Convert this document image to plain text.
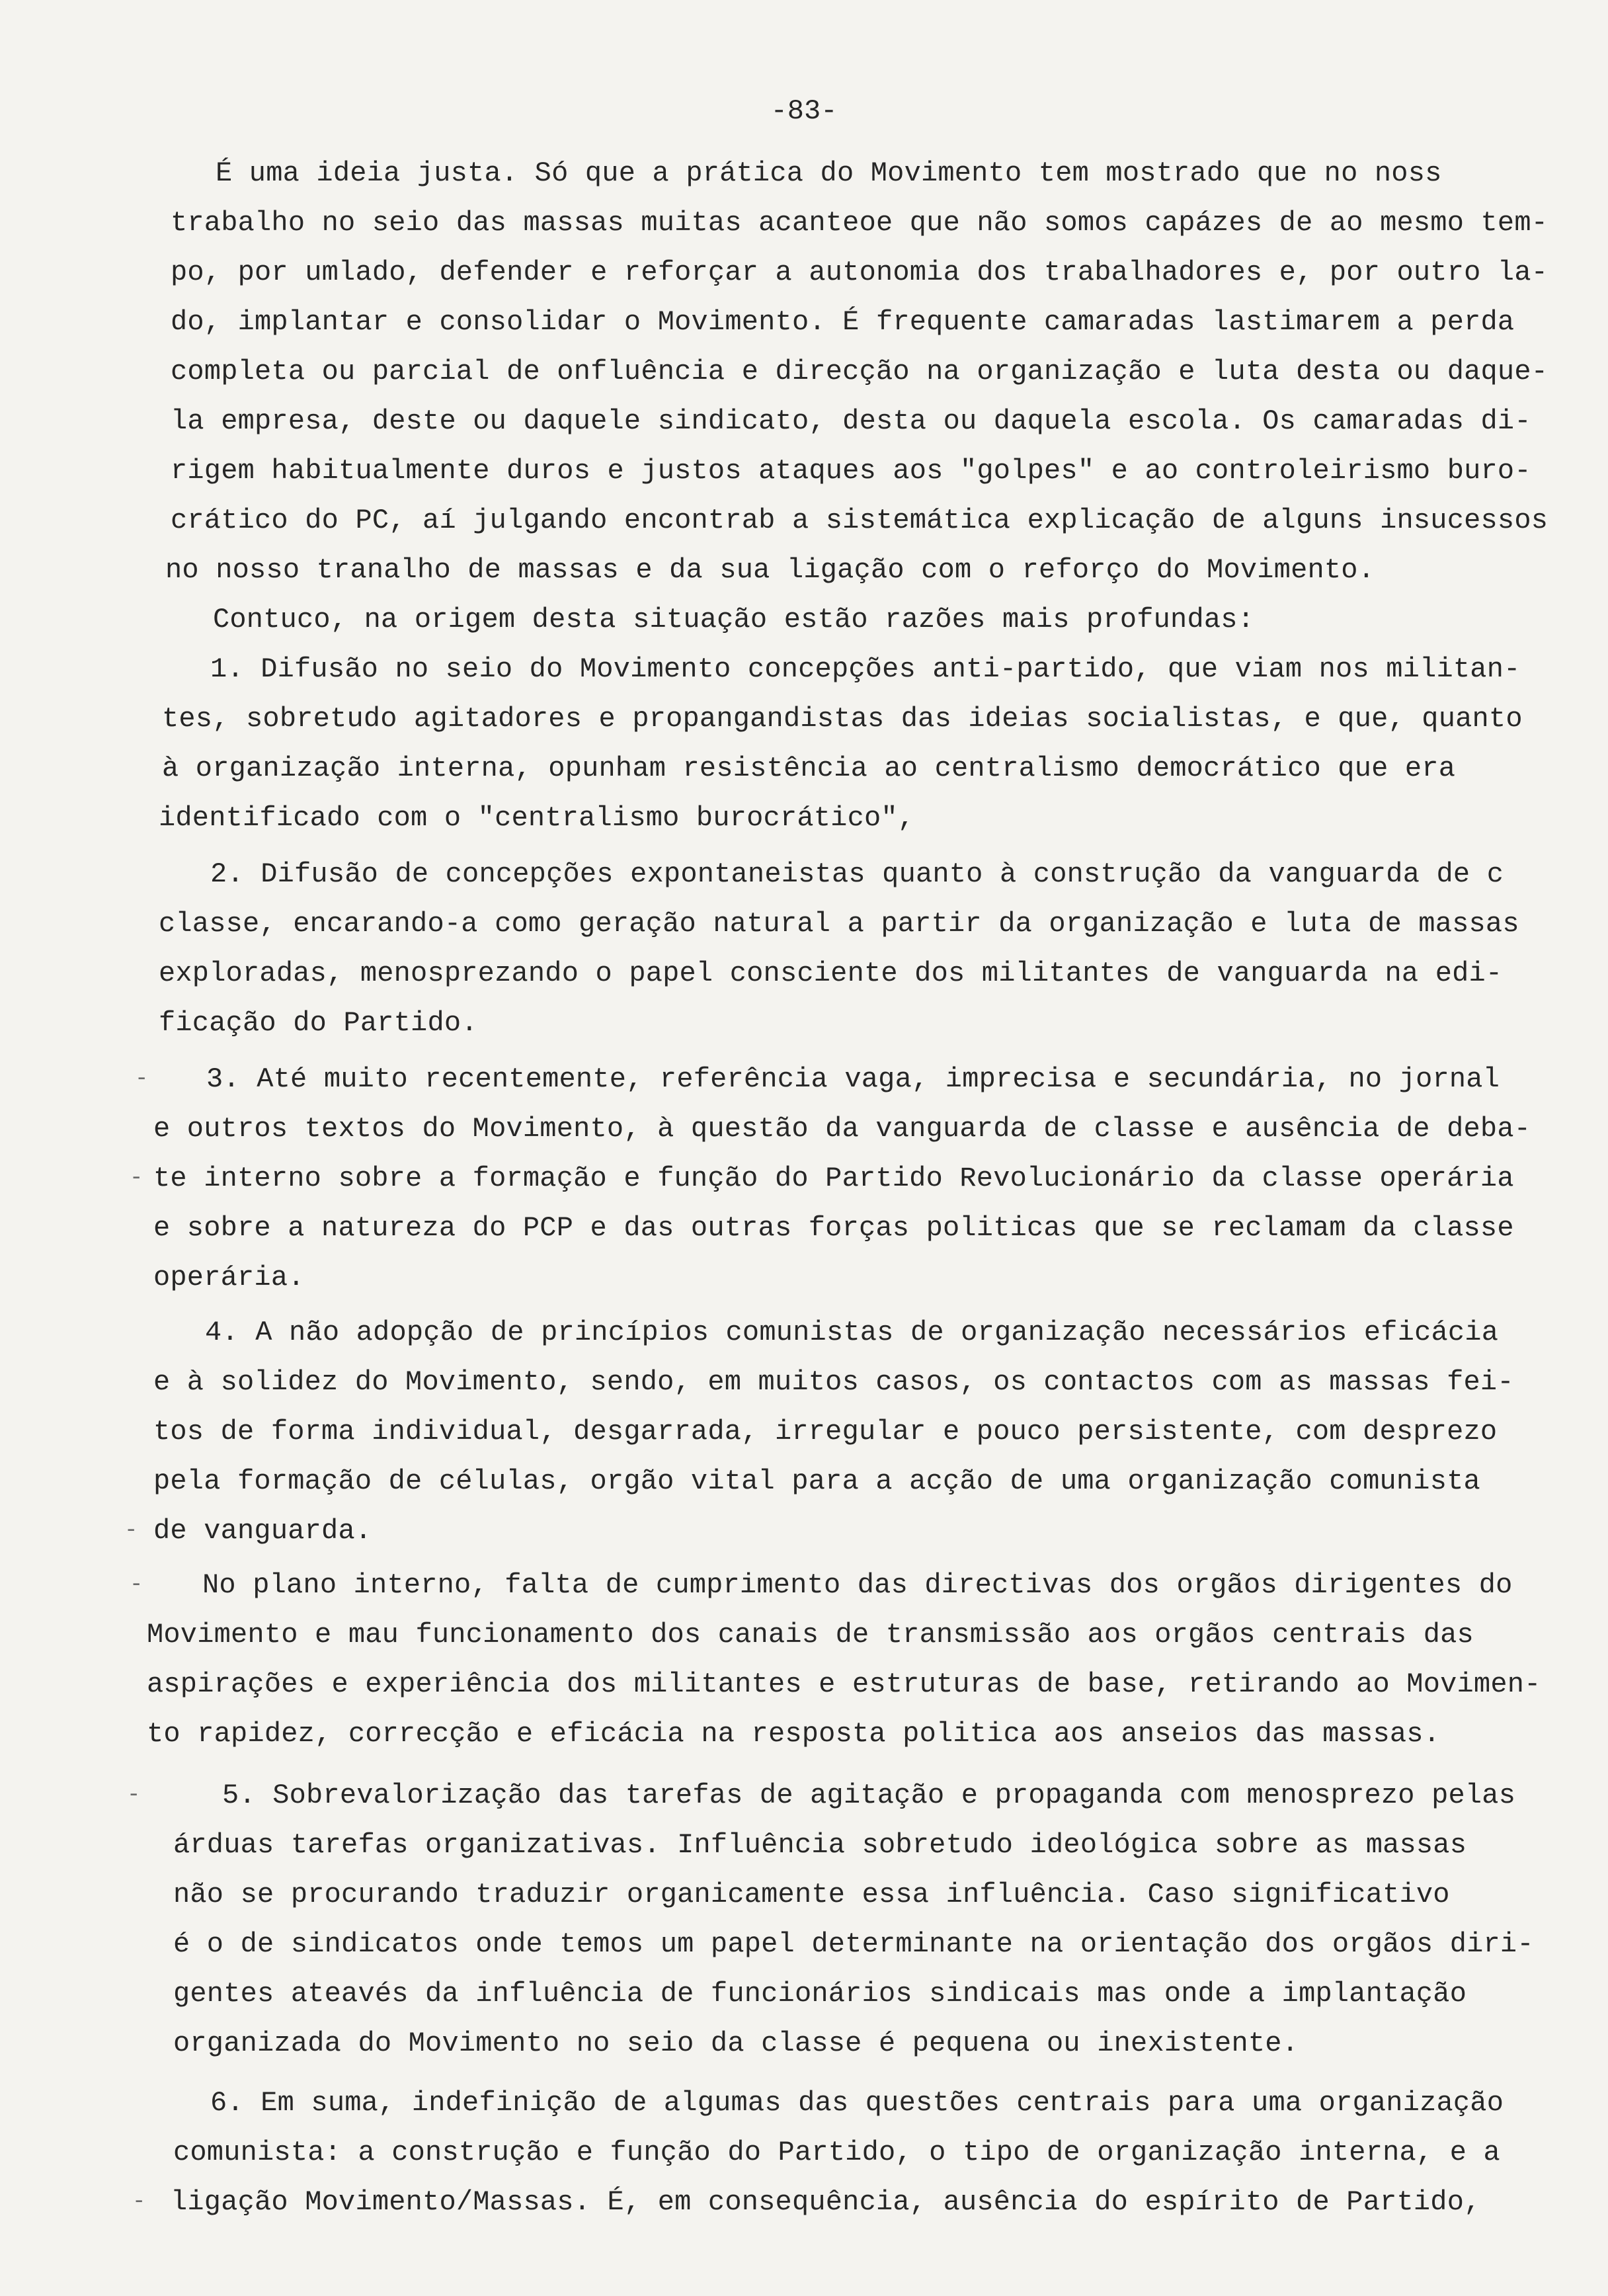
-83-
É uma ideia justa. Só que a prática do Movimento tem mostrado que no noss
trabalho no seio das massas muitas acanteoe que não somos capázes de ao mesmo tem-
po, por umlado, defender e reforçar a autonomia dos trabalhadores e, por outro la-
do, implantar e consolidar o Movimento. É frequente camaradas lastimarem a perda
completa ou parcial de onfluência e direcção na organização e luta desta ou daque-
la empresa, deste ou daquele sindicato, desta ou daquela escola. Os camaradas di-
rigem habitualmente duros e justos ataques aos "golpes" e ao controleirismo buro-
crático do PC, aí julgando encontrab a sistemática explicação de alguns insucessos
no nosso tranalho de massas e da sua ligação com o reforço do Movimento.
Contuco, na origem desta situação estão razões mais profundas:
1. Difusão no seio do Movimento concepções anti-partido, que viam nos militan-
tes, sobretudo agitadores e propangandistas das ideias socialistas, e que, quanto
à organização interna, opunham resistência ao centralismo democrático que era
identificado com o "centralismo burocrático",
2. Difusão de concepções expontaneistas quanto à construção da vanguarda de c
classe, encarando-a como geração natural a partir da organização e luta de massas
exploradas, menosprezando o papel consciente dos militantes de vanguarda na edi-
ficação do Partido.
3. Até muito recentemente, referência vaga, imprecisa e secundária, no jornal
e outros textos do Movimento, à questão da vanguarda de classe e ausência de deba-
te interno sobre a formação e função do Partido Revolucionário da classe operária
e sobre a natureza do PCP e das outras forças politicas que se reclamam da classe
operária.
4. A não adopção de princípios comunistas de organização necessários eficácia
e à solidez do Movimento, sendo, em muitos casos, os contactos com as massas fei-
tos de forma individual, desgarrada, irregular e pouco persistente, com desprezo
pela formação de células, orgão vital para a acção de uma organização comunista
de vanguarda.
No plano interno, falta de cumprimento das directivas dos orgãos dirigentes do
Movimento e mau funcionamento dos canais de transmissão aos orgãos centrais das
aspirações e experiência dos militantes e estruturas de base, retirando ao Movimen-
to rapidez, correcção e eficácia na resposta politica aos anseios das massas.
5. Sobrevalorização das tarefas de agitação e propaganda com menosprezo pelas
árduas tarefas organizativas. Influência sobretudo ideológica sobre as massas
não se procurando traduzir organicamente essa influência. Caso significativo
é o de sindicatos onde temos um papel determinante na orientação dos orgãos diri-
gentes ateavés da influência de funcionários sindicais mas onde a implantação
organizada do Movimento no seio da classe é pequena ou inexistente.
6. Em suma, indefinição de algumas das questões centrais para uma organização
comunista: a construção e função do Partido, o tipo de organização interna, e a
ligação Movimento/Massas. É, em consequência, ausência do espírito de Partido,
-
-
-
-
-
-
